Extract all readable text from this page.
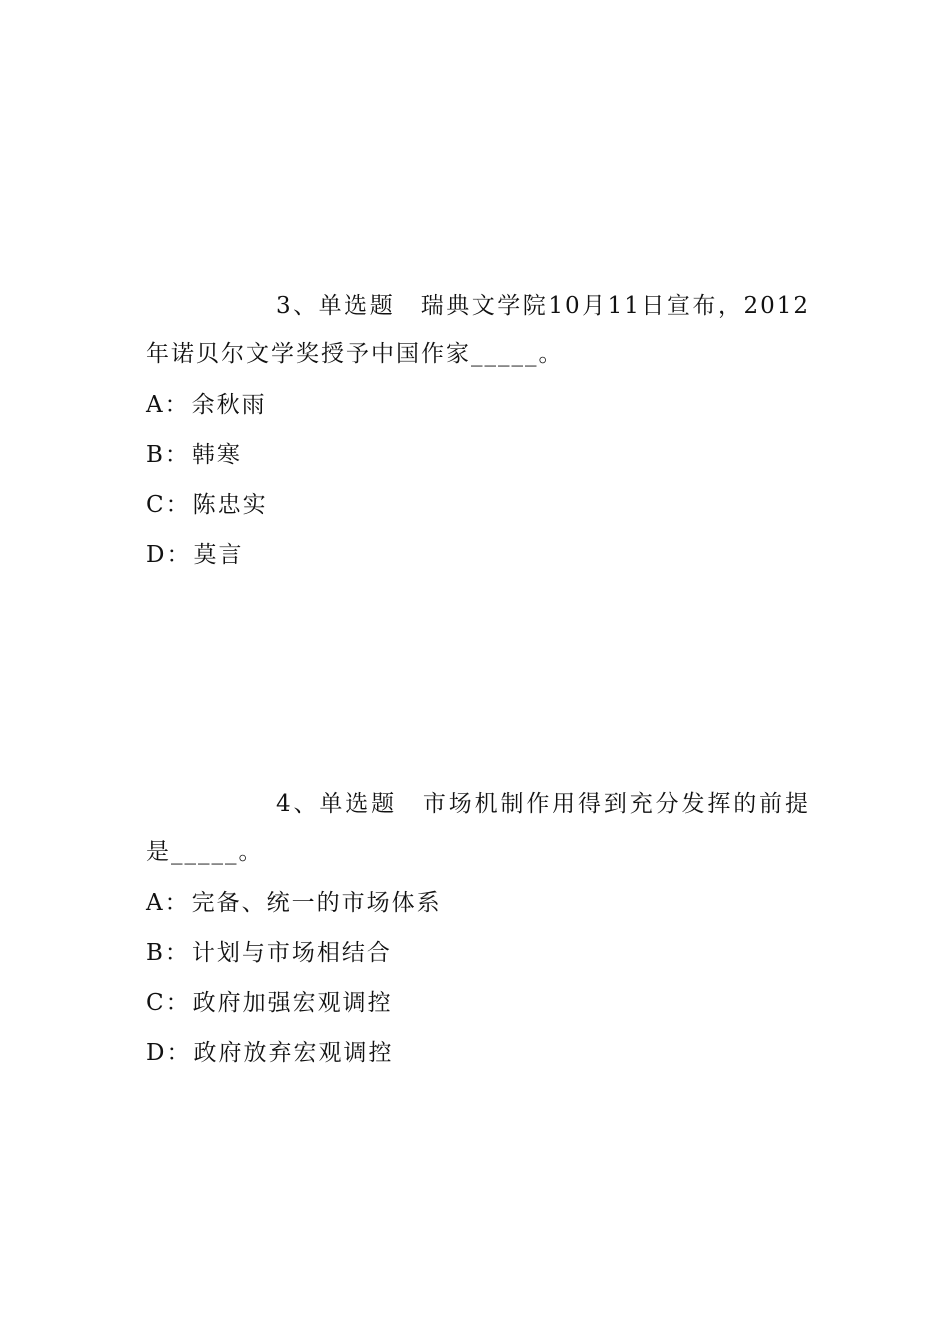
3、单选题　瑞典文学院10月11日宣布，2012年诺贝尔文学奖授予中国作家_____。

A：余秋雨
B：韩寒
C：陈忠实
D：莫言

4、单选题　市场机制作用得到充分发挥的前提是_____。

A：完备、统一的市场体系
B：计划与市场相结合
C：政府加强宏观调控
D：政府放弃宏观调控
